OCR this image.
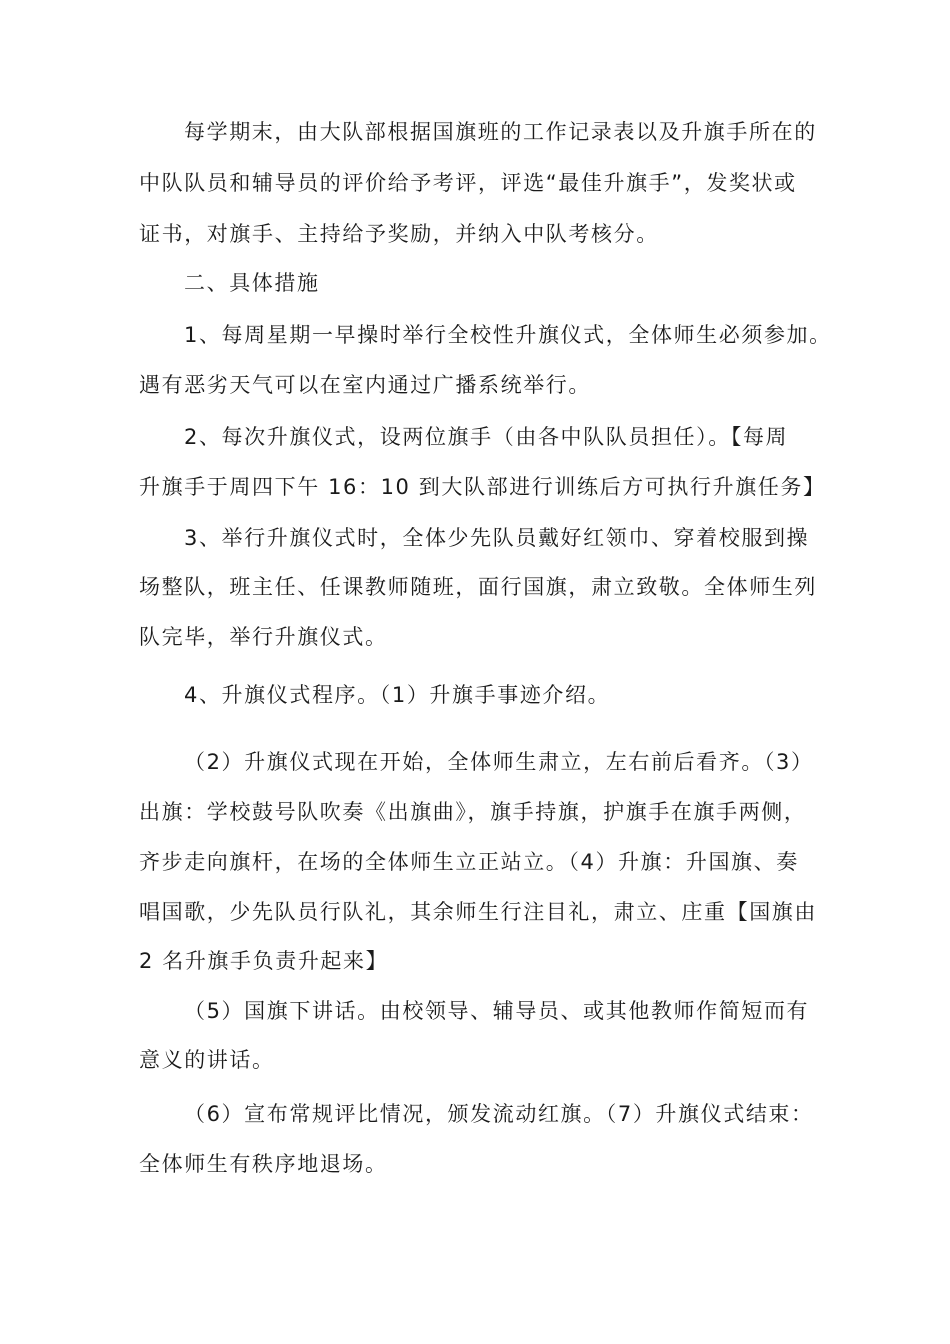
每学期末，由大队部根据国旗班的工作记录表以及升旗手所在的
中队队员和辅导员的评价给予考评，评选“最佳升旗手”，发奖状或
证书，对旗手、主持给予奖励，并纳入中队考核分。
二、具体措施
1、每周星期一早操时举行全校性升旗仪式，全体师生必须参加。
遇有恶劣天气可以在室内通过广播系统举行。
2、每次升旗仪式，设两位旗手（由各中队队员担任）。【每周
升旗手于周四下午 16：10 到大队部进行训练后方可执行升旗任务】
3、举行升旗仪式时，全体少先队员戴好红领巾、穿着校服到操
场整队，班主任、任课教师随班，面行国旗，肃立致敬。全体师生列
队完毕，举行升旗仪式。
4、升旗仪式程序。（1）升旗手事迹介绍。
（2）升旗仪式现在开始，全体师生肃立，左右前后看齐。（3）
出旗：学校鼓号队吹奏《出旗曲》，旗手持旗，护旗手在旗手两侧，
齐步走向旗杆，在场的全体师生立正站立。（4）升旗：升国旗、奏
唱国歌，少先队员行队礼，其余师生行注目礼，肃立、庄重【国旗由
2 名升旗手负责升起来】
（5）国旗下讲话。由校领导、辅导员、或其他教师作简短而有
意义的讲话。
（6）宣布常规评比情况，颁发流动红旗。（7）升旗仪式结束：
全体师生有秩序地退场。
